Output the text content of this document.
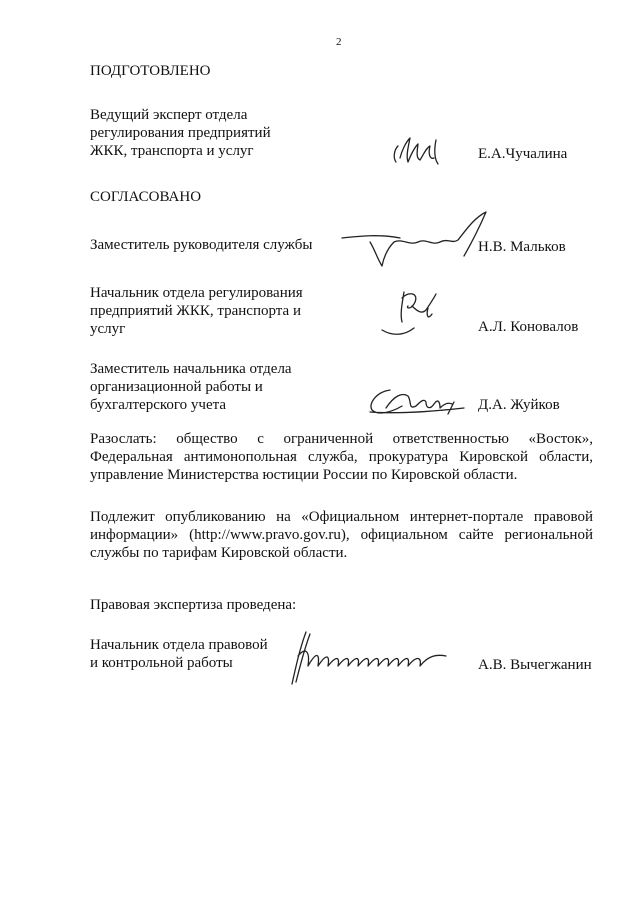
2
ПОДГОТОВЛЕНО
Ведущий эксперт отдела
регулирования предприятий
ЖКК, транспорта и услуг	Е.А.Чучалина
СОГЛАСОВАНО
Заместитель руководителя службы	Н.В. Мальков
Начальник отдела регулирования
предприятий ЖКК, транспорта и
услуг	А.Л. Коновалов
Заместитель начальника отдела
организационной работы и
бухгалтерского учета	Д.А. Жуйков
Разослать: общество с ограниченной ответственностью «Восток», Федеральная антимонопольная служба, прокуратура Кировской области, управление Министерства юстиции России по Кировской области.
Подлежит опубликованию на «Официальном интернет-портале правовой информации» (http://www.pravo.gov.ru), официальном сайте региональной службы по тарифам Кировской области.
Правовая экспертиза проведена:
Начальник отдела правовой
и контрольной работы	А.В. Вычегжанин
